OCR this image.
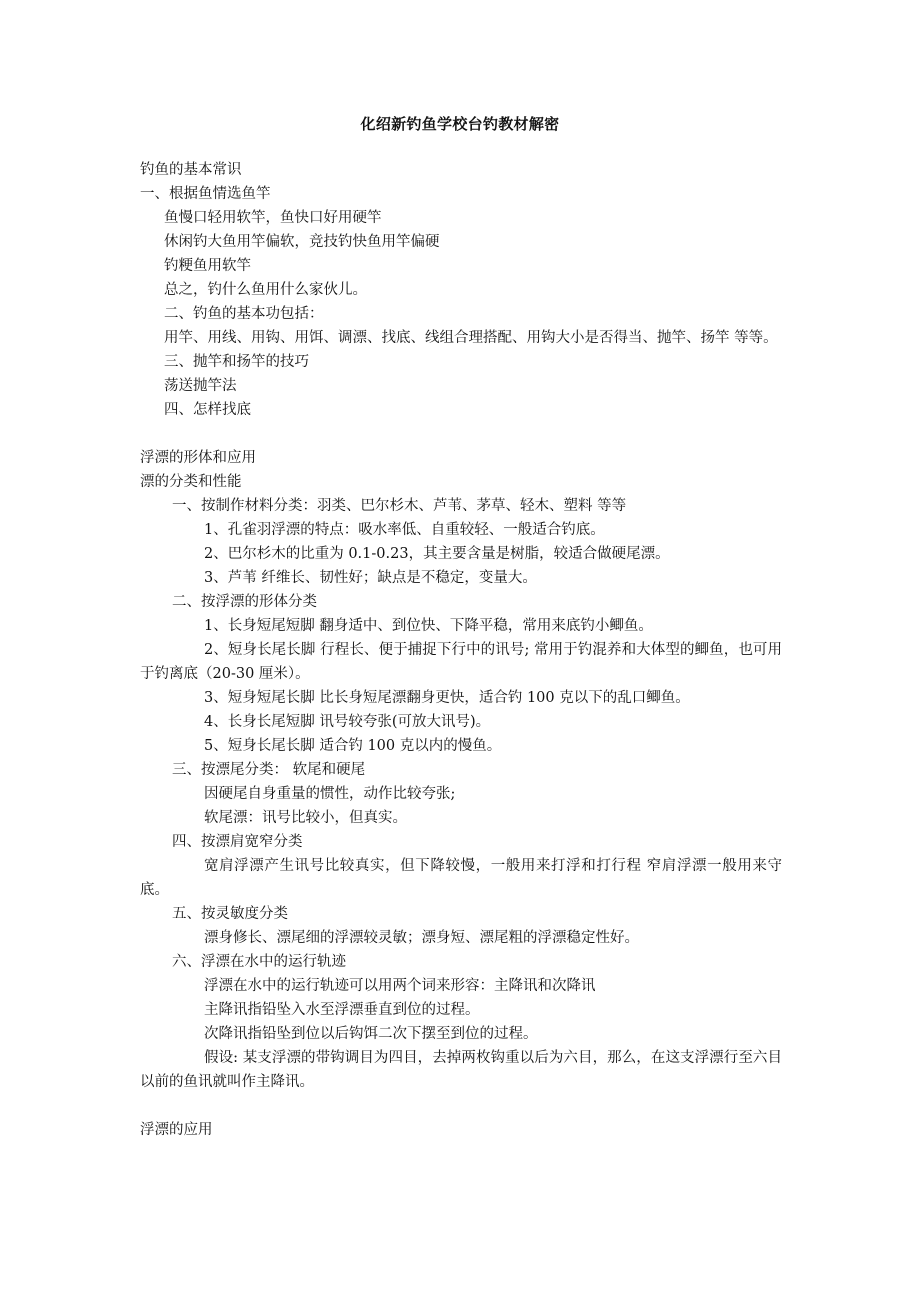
化绍新钓鱼学校台钓教材解密

钓鱼的基本常识

一、根据鱼情选鱼竿

鱼慢口轻用软竿，鱼快口好用硬竿

休闲钓大鱼用竿偏软，竞技钓快鱼用竿偏硬

钓粳鱼用软竿

总之，钓什么鱼用什么家伙儿。

二、钓鱼的基本功包括：

用竿、用线、用钩、用饵、调漂、找底、线组合理搭配、用钩大小是否得当、抛竿、扬竿 等等。

三、抛竿和扬竿的技巧

荡送抛竿法

四、怎样找底

浮漂的形体和应用

漂的分类和性能

一、按制作材料分类：羽类、巴尔杉木、芦苇、茅草、轻木、塑料 等等

1、孔雀羽浮漂的特点：吸水率低、自重较轻、一般适合钓底。

2、巴尔杉木的比重为 0.1-0.23，其主要含量是树脂，较适合做硬尾漂。

3、芦苇 纤维长、韧性好；缺点是不稳定，变量大。

二、按浮漂的形体分类

1、长身短尾短脚 翻身适中、到位快、下降平稳，常用来底钓小鲫鱼。

2、短身长尾长脚 行程长、便于捕捉下行中的讯号; 常用于钓混养和大体型的鲫鱼，也可用于钓离底（20-30 厘米）。

3、短身短尾长脚 比长身短尾漂翻身更快，适合钓 100 克以下的乱口鲫鱼。

4、长身长尾短脚 讯号较夸张(可放大讯号)。

5、短身长尾长脚 适合钓 100 克以内的慢鱼。

三、按漂尾分类： 软尾和硬尾

因硬尾自身重量的惯性，动作比较夸张;

软尾漂：讯号比较小，但真实。

四、按漂肩宽窄分类

宽肩浮漂产生讯号比较真实，但下降较慢，一般用来打浮和打行程 窄肩浮漂一般用来守底。

五、按灵敏度分类

漂身修长、漂尾细的浮漂较灵敏；漂身短、漂尾粗的浮漂稳定性好。

六、浮漂在水中的运行轨迹

浮漂在水中的运行轨迹可以用两个词来形容：主降讯和次降讯

主降讯指铅坠入水至浮漂垂直到位的过程。

次降讯指铅坠到位以后钩饵二次下摆至到位的过程。

假设: 某支浮漂的带钩调目为四目，去掉两枚钩重以后为六目，那么，在这支浮漂行至六目以前的鱼讯就叫作主降讯。

浮漂的应用
